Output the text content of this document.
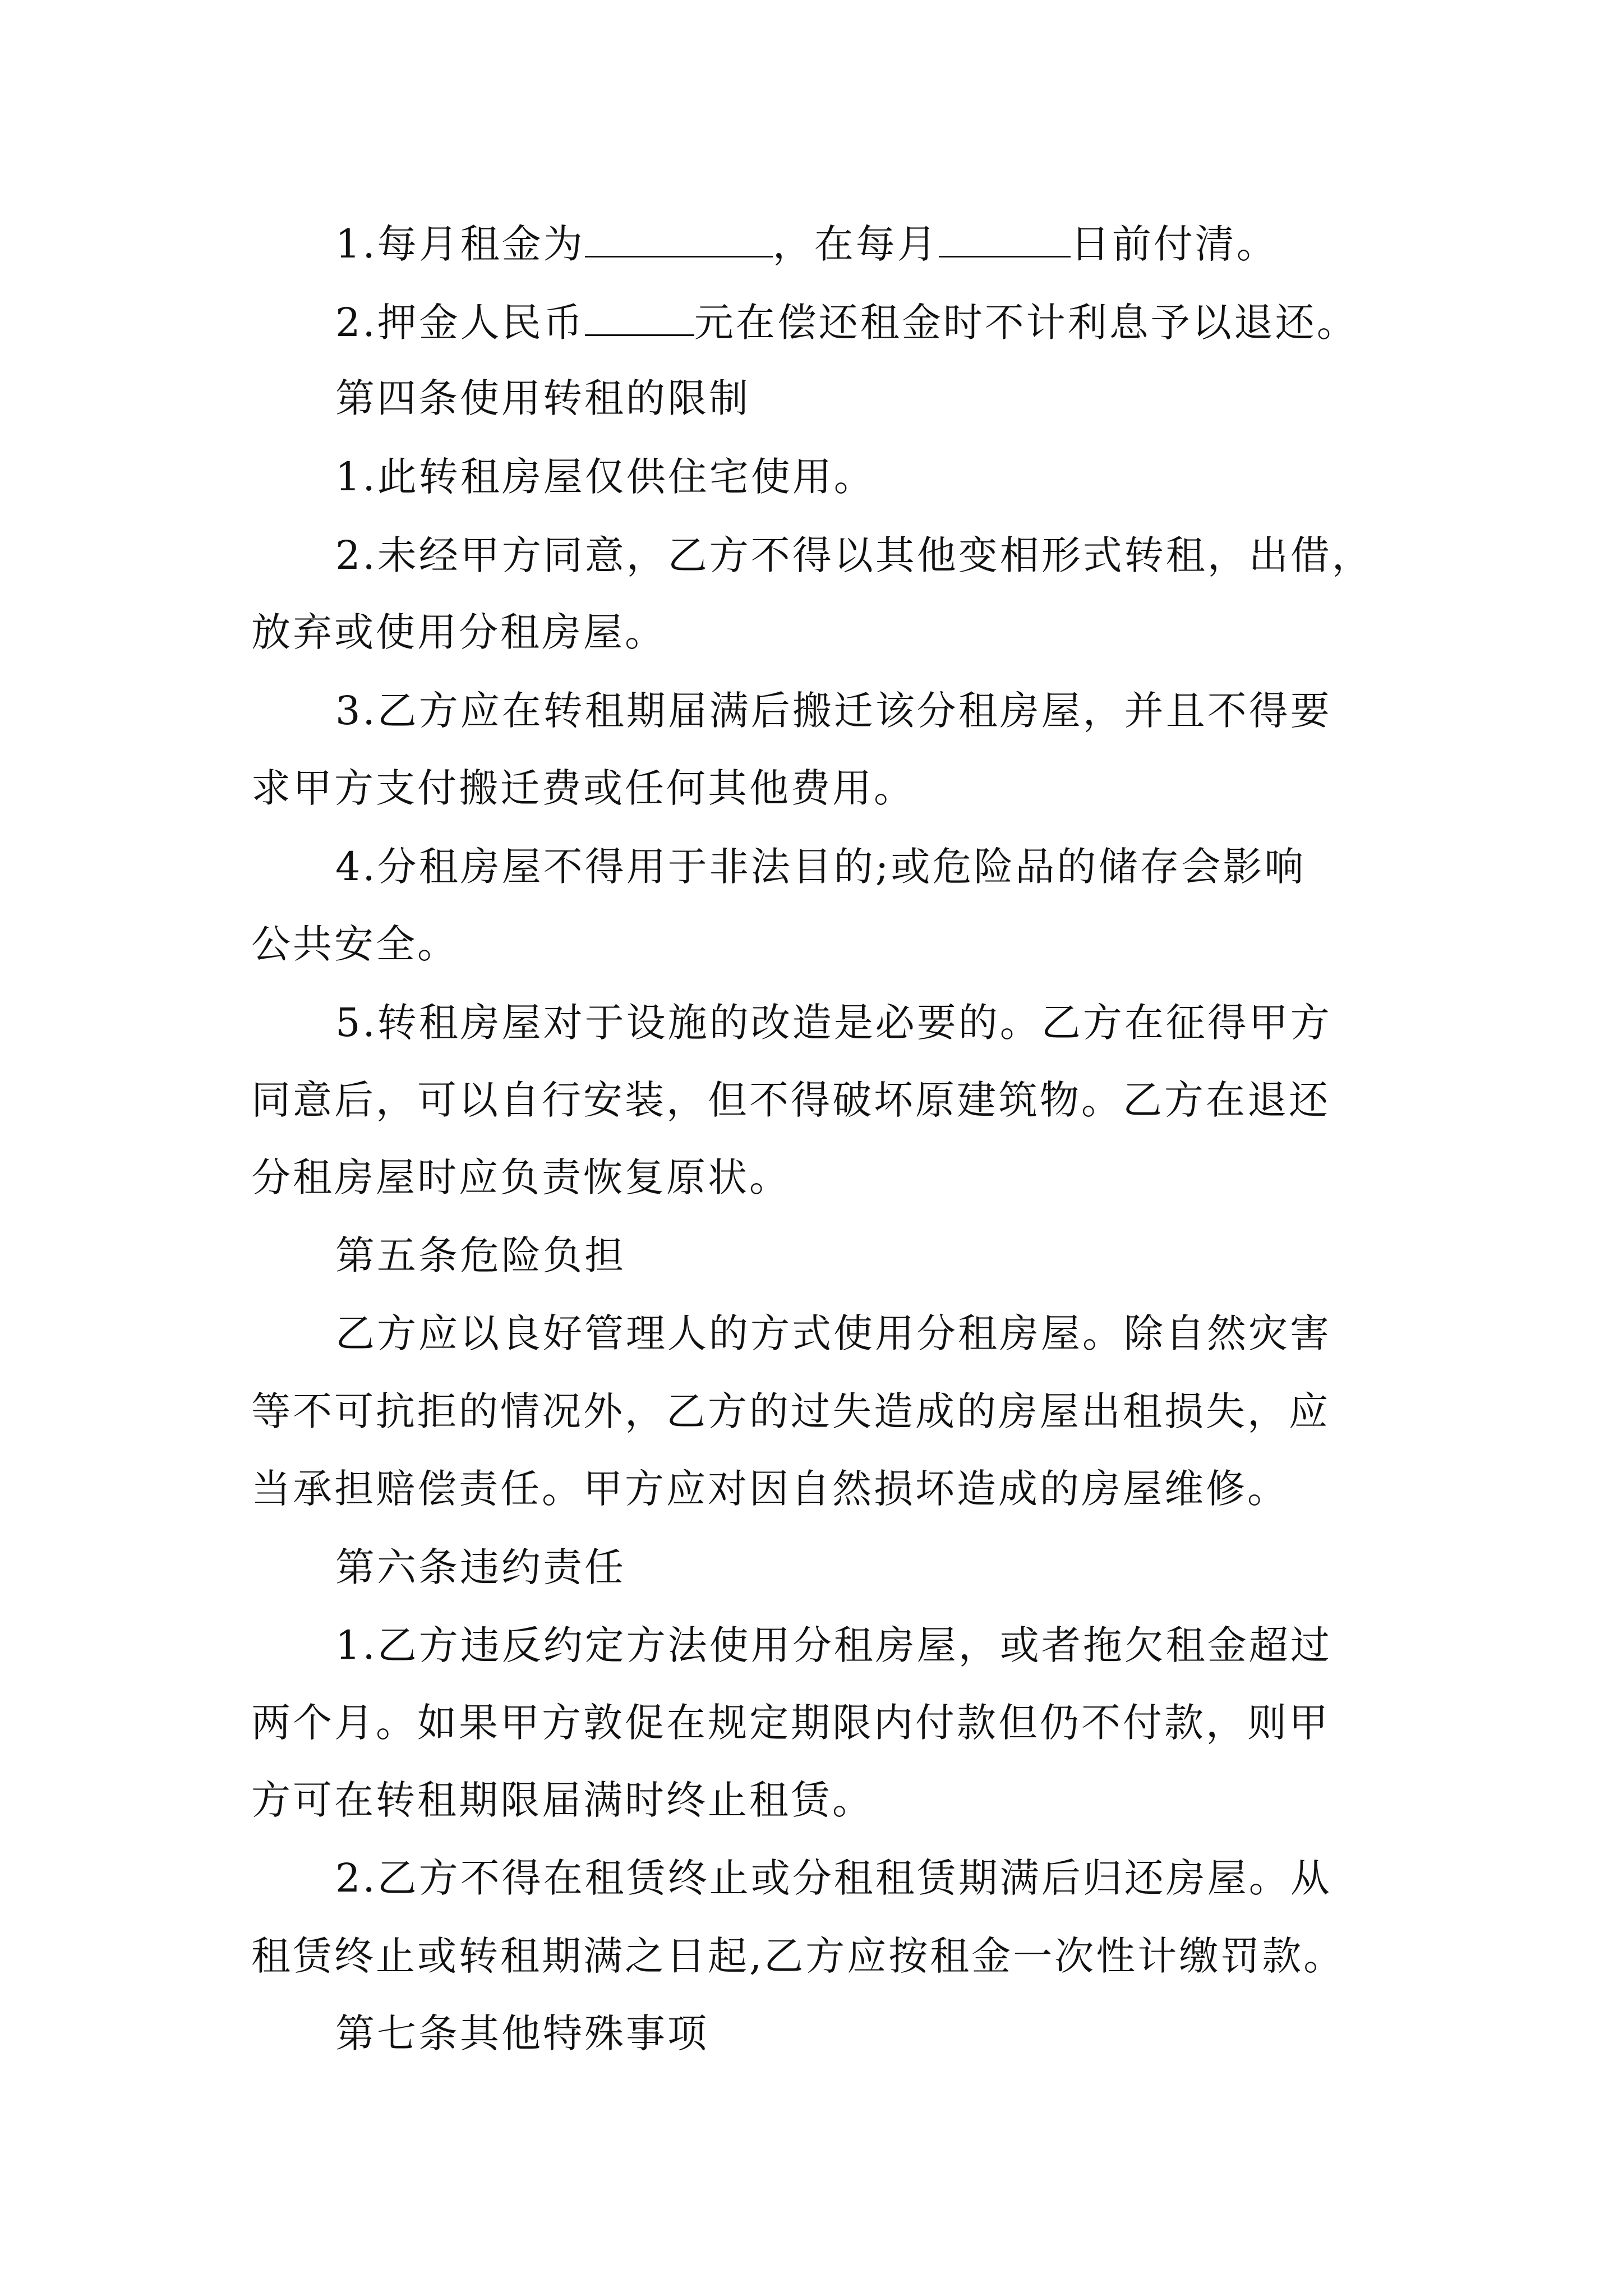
1.每月租金为	，在每月	日前付清。
2.押金人民币	元在偿还租金时不计利息予以退还。
第四条使用转租的限制
1.此转租房屋仅供住宅使用。
2.未经甲方同意，乙方不得以其他变相形式转租，出借，
放弃或使用分租房屋。
3.乙方应在转租期届满后搬迁该分租房屋，并且不得要
求甲方支付搬迁费或任何其他费用。
4.分租房屋不得用于非法目的;或危险品的储存会影响
公共安全。
5.转租房屋对于设施的改造是必要的。乙方在征得甲方
同意后，可以自行安装，但不得破坏原建筑物。乙方在退还
分租房屋时应负责恢复原状。
第五条危险负担
乙方应以良好管理人的方式使用分租房屋。除自然灾害
等不可抗拒的情况外，乙方的过失造成的房屋出租损失，应
当承担赔偿责任。甲方应对因自然损坏造成的房屋维修。
第六条违约责任
1.乙方违反约定方法使用分租房屋，或者拖欠租金超过
两个月。如果甲方敦促在规定期限内付款但仍不付款，则甲
方可在转租期限届满时终止租赁。
2.乙方不得在租赁终止或分租租赁期满后归还房屋。从
租赁终止或转租期满之日起,乙方应按租金一次性计缴罚款。
第七条其他特殊事项
